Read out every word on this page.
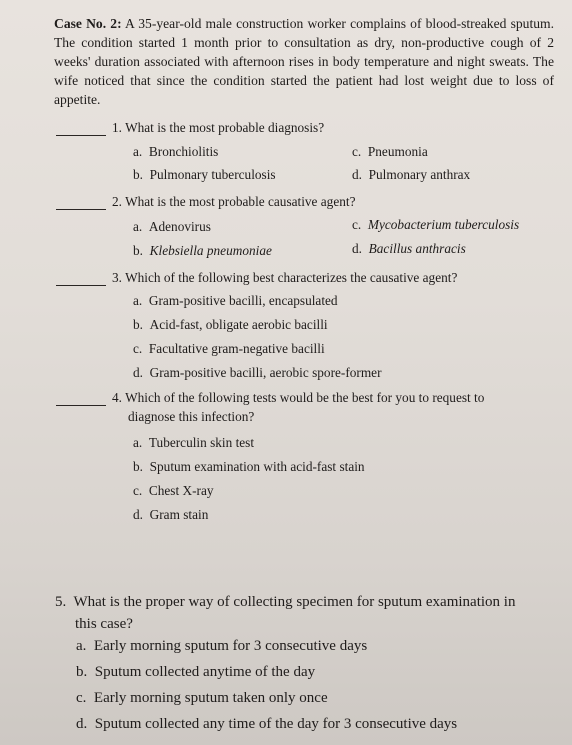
Case No. 2: A 35-year-old male construction worker complains of blood-streaked sputum. The condition started 1 month prior to consultation as dry, non-productive cough of 2 weeks' duration associated with afternoon rises in body temperature and night sweats. The wife noticed that since the condition started the patient had lost weight due to loss of appetite.
1. What is the most probable diagnosis?
a. Bronchiolitis	c. Pneumonia
b. Pulmonary tuberculosis	d. Pulmonary anthrax
2. What is the most probable causative agent?
a. Adenovirus	c. Mycobacterium tuberculosis
b. Klebsiella pneumoniae	d. Bacillus anthracis
3. Which of the following best characterizes the causative agent?
a. Gram-positive bacilli, encapsulated
b. Acid-fast, obligate aerobic bacilli
c. Facultative gram-negative bacilli
d. Gram-positive bacilli, aerobic spore-former
4. Which of the following tests would be the best for you to request to
diagnose this infection?
a. Tuberculin skin test
b. Sputum examination with acid-fast stain
c. Chest X-ray
d. Gram stain
5. What is the proper way of collecting specimen for sputum examination in
this case?
a. Early morning sputum for 3 consecutive days
b. Sputum collected anytime of the day
c. Early morning sputum taken only once
d. Sputum collected any time of the day for 3 consecutive days
